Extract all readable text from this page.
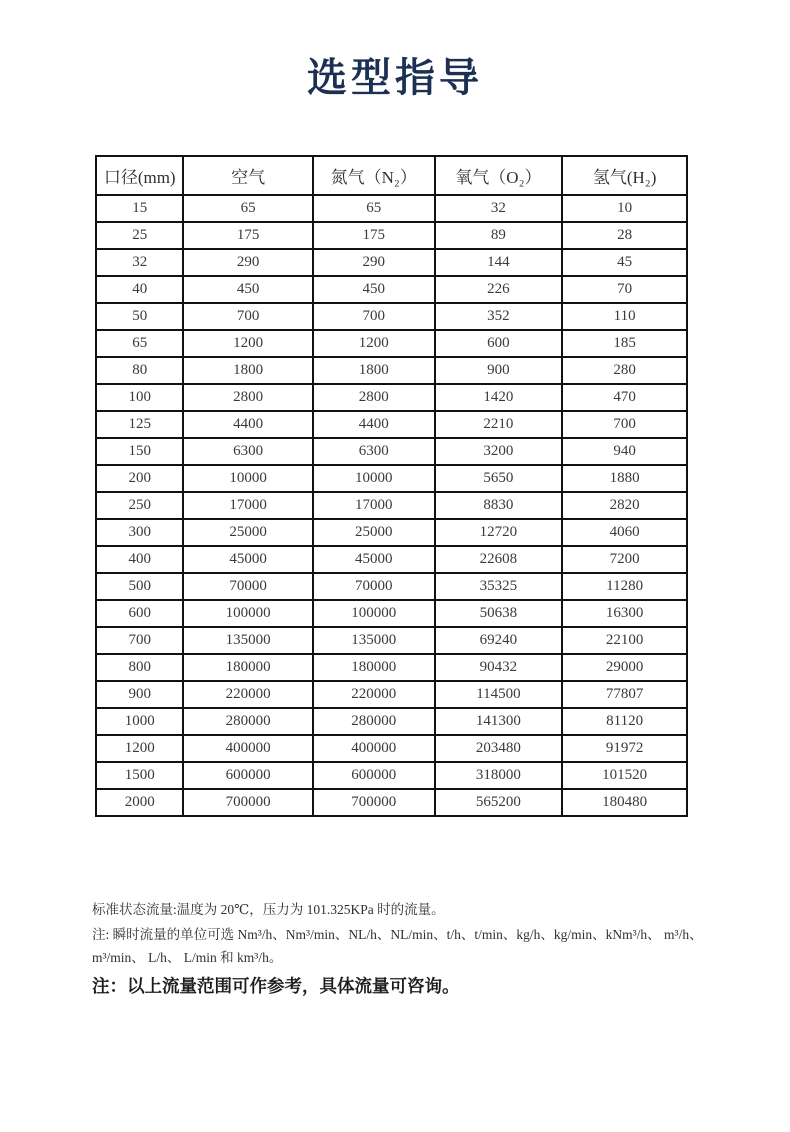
选型指导
口径(mm)	空气	氮气（N₂）	氧气（O₂）	氢气(H₂)
15	65	65	32	10
25	175	175	89	28
32	290	290	144	45
40	450	450	226	70
50	700	700	352	110
65	1200	1200	600	185
80	1800	1800	900	280
100	2800	2800	1420	470
125	4400	4400	2210	700
150	6300	6300	3200	940
200	10000	10000	5650	1880
250	17000	17000	8830	2820
300	25000	25000	12720	4060
400	45000	45000	22608	7200
500	70000	70000	35325	11280
600	100000	100000	50638	16300
700	135000	135000	69240	22100
800	180000	180000	90432	29000
900	220000	220000	114500	77807
1000	280000	280000	141300	81120
1200	400000	400000	203480	91972
1500	600000	600000	318000	101520
2000	700000	700000	565200	180480

标准状态流量:温度为 20℃，压力为 101.325KPa 时的流量。

注: 瞬时流量的单位可选 Nm³/h、Nm³/min、NL/h、NL/min、t/h、t/min、kg/h、kg/min、kNm³/h、 m³/h、 m³/min、 L/h、 L/min 和 km³/h。

注：以上流量范围可作参考，具体流量可咨询。
